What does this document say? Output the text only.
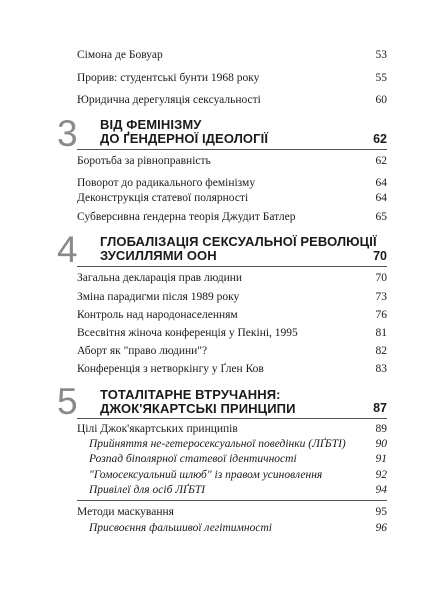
Сімона де Бовуар	53
Прорив: студентські бунти 1968 року	55
Юридична дерегуляція сексуальності	60
3 ВІД ФЕМІНІЗМУ
ДО ҐЕНДЕРНОЇ ІДЕОЛОГІЇ	62
Боротьба за рівноправність	62
Поворот до радикального фемінізму	64
Деконструкція статевої полярності	64
Субверсивна ґендерна теорія Джудит Батлер	65
4 ГЛОБАЛІЗАЦІЯ СЕКСУАЛЬНОЇ РЕВОЛЮЦІЇ
ЗУСИЛЛЯМИ ООН	70
Загальна декларація прав людини	70
Зміна парадигми після 1989 року	73
Контроль над народонаселенням	76
Всесвітня жіноча конференція у Пекіні, 1995	81
Аборт як "право людини"?	82
Конференція з нетворкінгу у Ґлен Ков	83
5 ТОТАЛІТАРНЕ ВТРУЧАННЯ:
ДЖОК'ЯКАРТСЬКІ ПРИНЦИПИ	87
Цілі Джок'якартських принципів	89
Прийняття не-гетеросексуальної поведінки (ЛҐБТІ)	90
Розпад біполярної статевої ідентичності	91
"Гомосексуальний шлюб" із правом усиновлення	92
Привілеї для осіб ЛҐБТІ	94
Методи маскування	95
Присвоєння фальшивої легітимності	96
